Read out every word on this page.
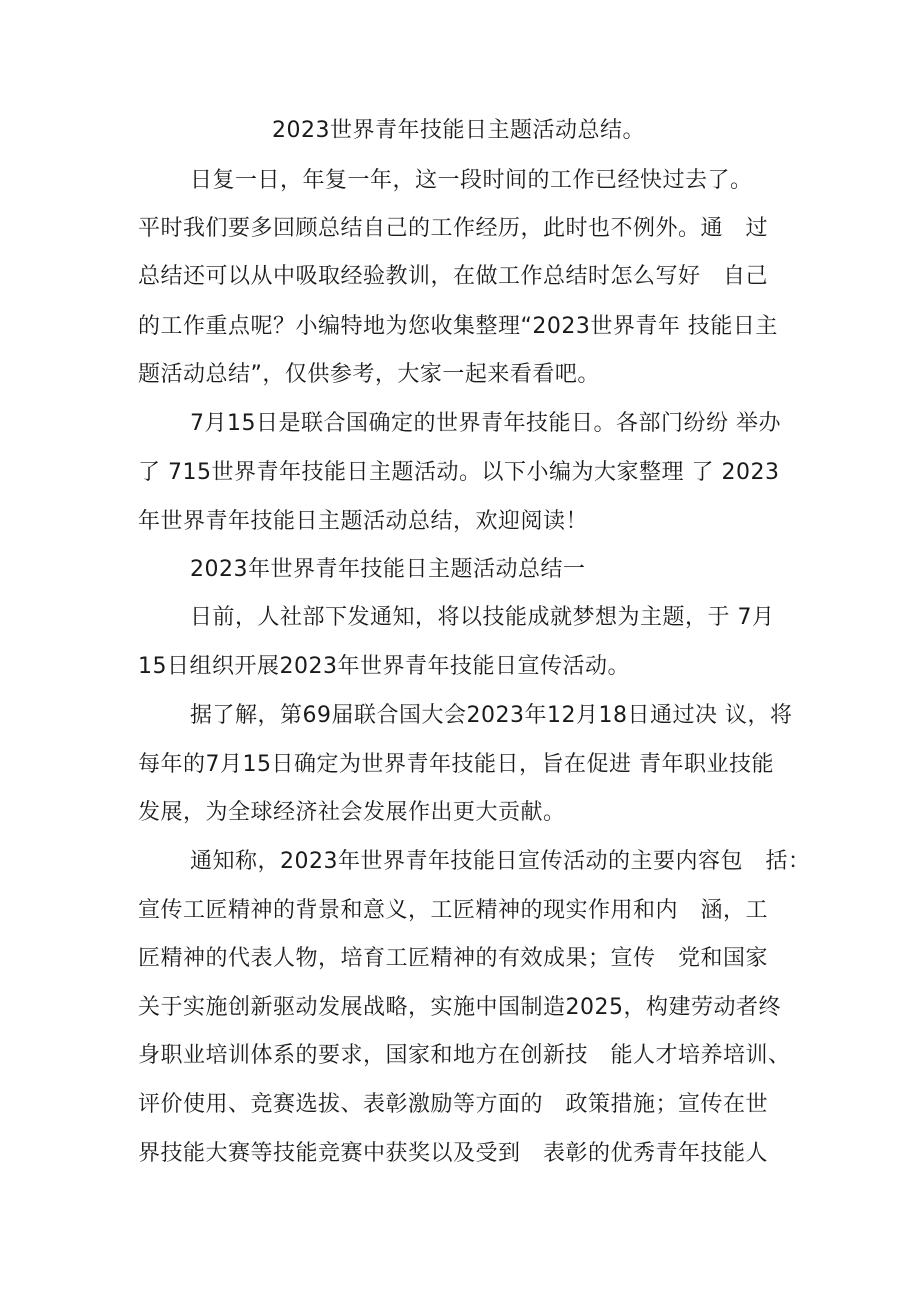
2023世界青年技能日主题活动总结。
日复一日，年复一年，这一段时间的工作已经快过去了。
平时我们要多回顾总结自己的工作经历，此时也不例外。通　过
总结还可以从中吸取经验教训，在做工作总结时怎么写好　自己
的工作重点呢？小编特地为您收集整理“2023世界青年 技能日主
题活动总结”，仅供参考，大家一起来看看吧。
7月15日是联合国确定的世界青年技能日。各部门纷纷 举办
了 715世界青年技能日主题活动。以下小编为大家整理 了 2023
年世界青年技能日主题活动总结，欢迎阅读！
2023年世界青年技能日主题活动总结一
日前，人社部下发通知，将以技能成就梦想为主题，于 7月
15日组织开展2023年世界青年技能日宣传活动。
据了解，第69届联合国大会2023年12月18日通过决 议，将
每年的7月15日确定为世界青年技能日，旨在促进 青年职业技能
发展，为全球经济社会发展作出更大贡献。
通知称，2023年世界青年技能日宣传活动的主要内容包　括：
宣传工匠精神的背景和意义，工匠精神的现实作用和内　涵，工
匠精神的代表人物，培育工匠精神的有效成果；宣传　党和国家
关于实施创新驱动发展战略，实施中国制造2025，构建劳动者终
身职业培训体系的要求，国家和地方在创新技　能人才培养培训、
评价使用、竞赛选拔、表彰激励等方面的　政策措施；宣传在世
界技能大赛等技能竞赛中获奖以及受到　表彰的优秀青年技能人
